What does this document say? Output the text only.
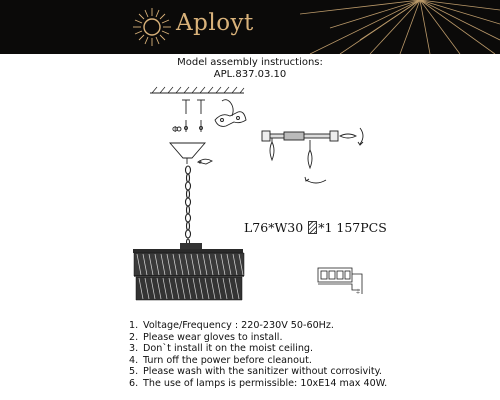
Aployt
Model assembly instructions:
APL.837.03.10
Φ
⏚
L76*W30 *1 157PCS
1. Voltage/Frequency : 220-230V 50-60Hz.
2. Please wear gloves to install.
3. Don`t install it on the moist ceiling.
4. Turn off the power before cleanout.
5. Please wash with the sanitizer without corrosivity.
6. The use of lamps is permissible: 10xE14 max 40W.
